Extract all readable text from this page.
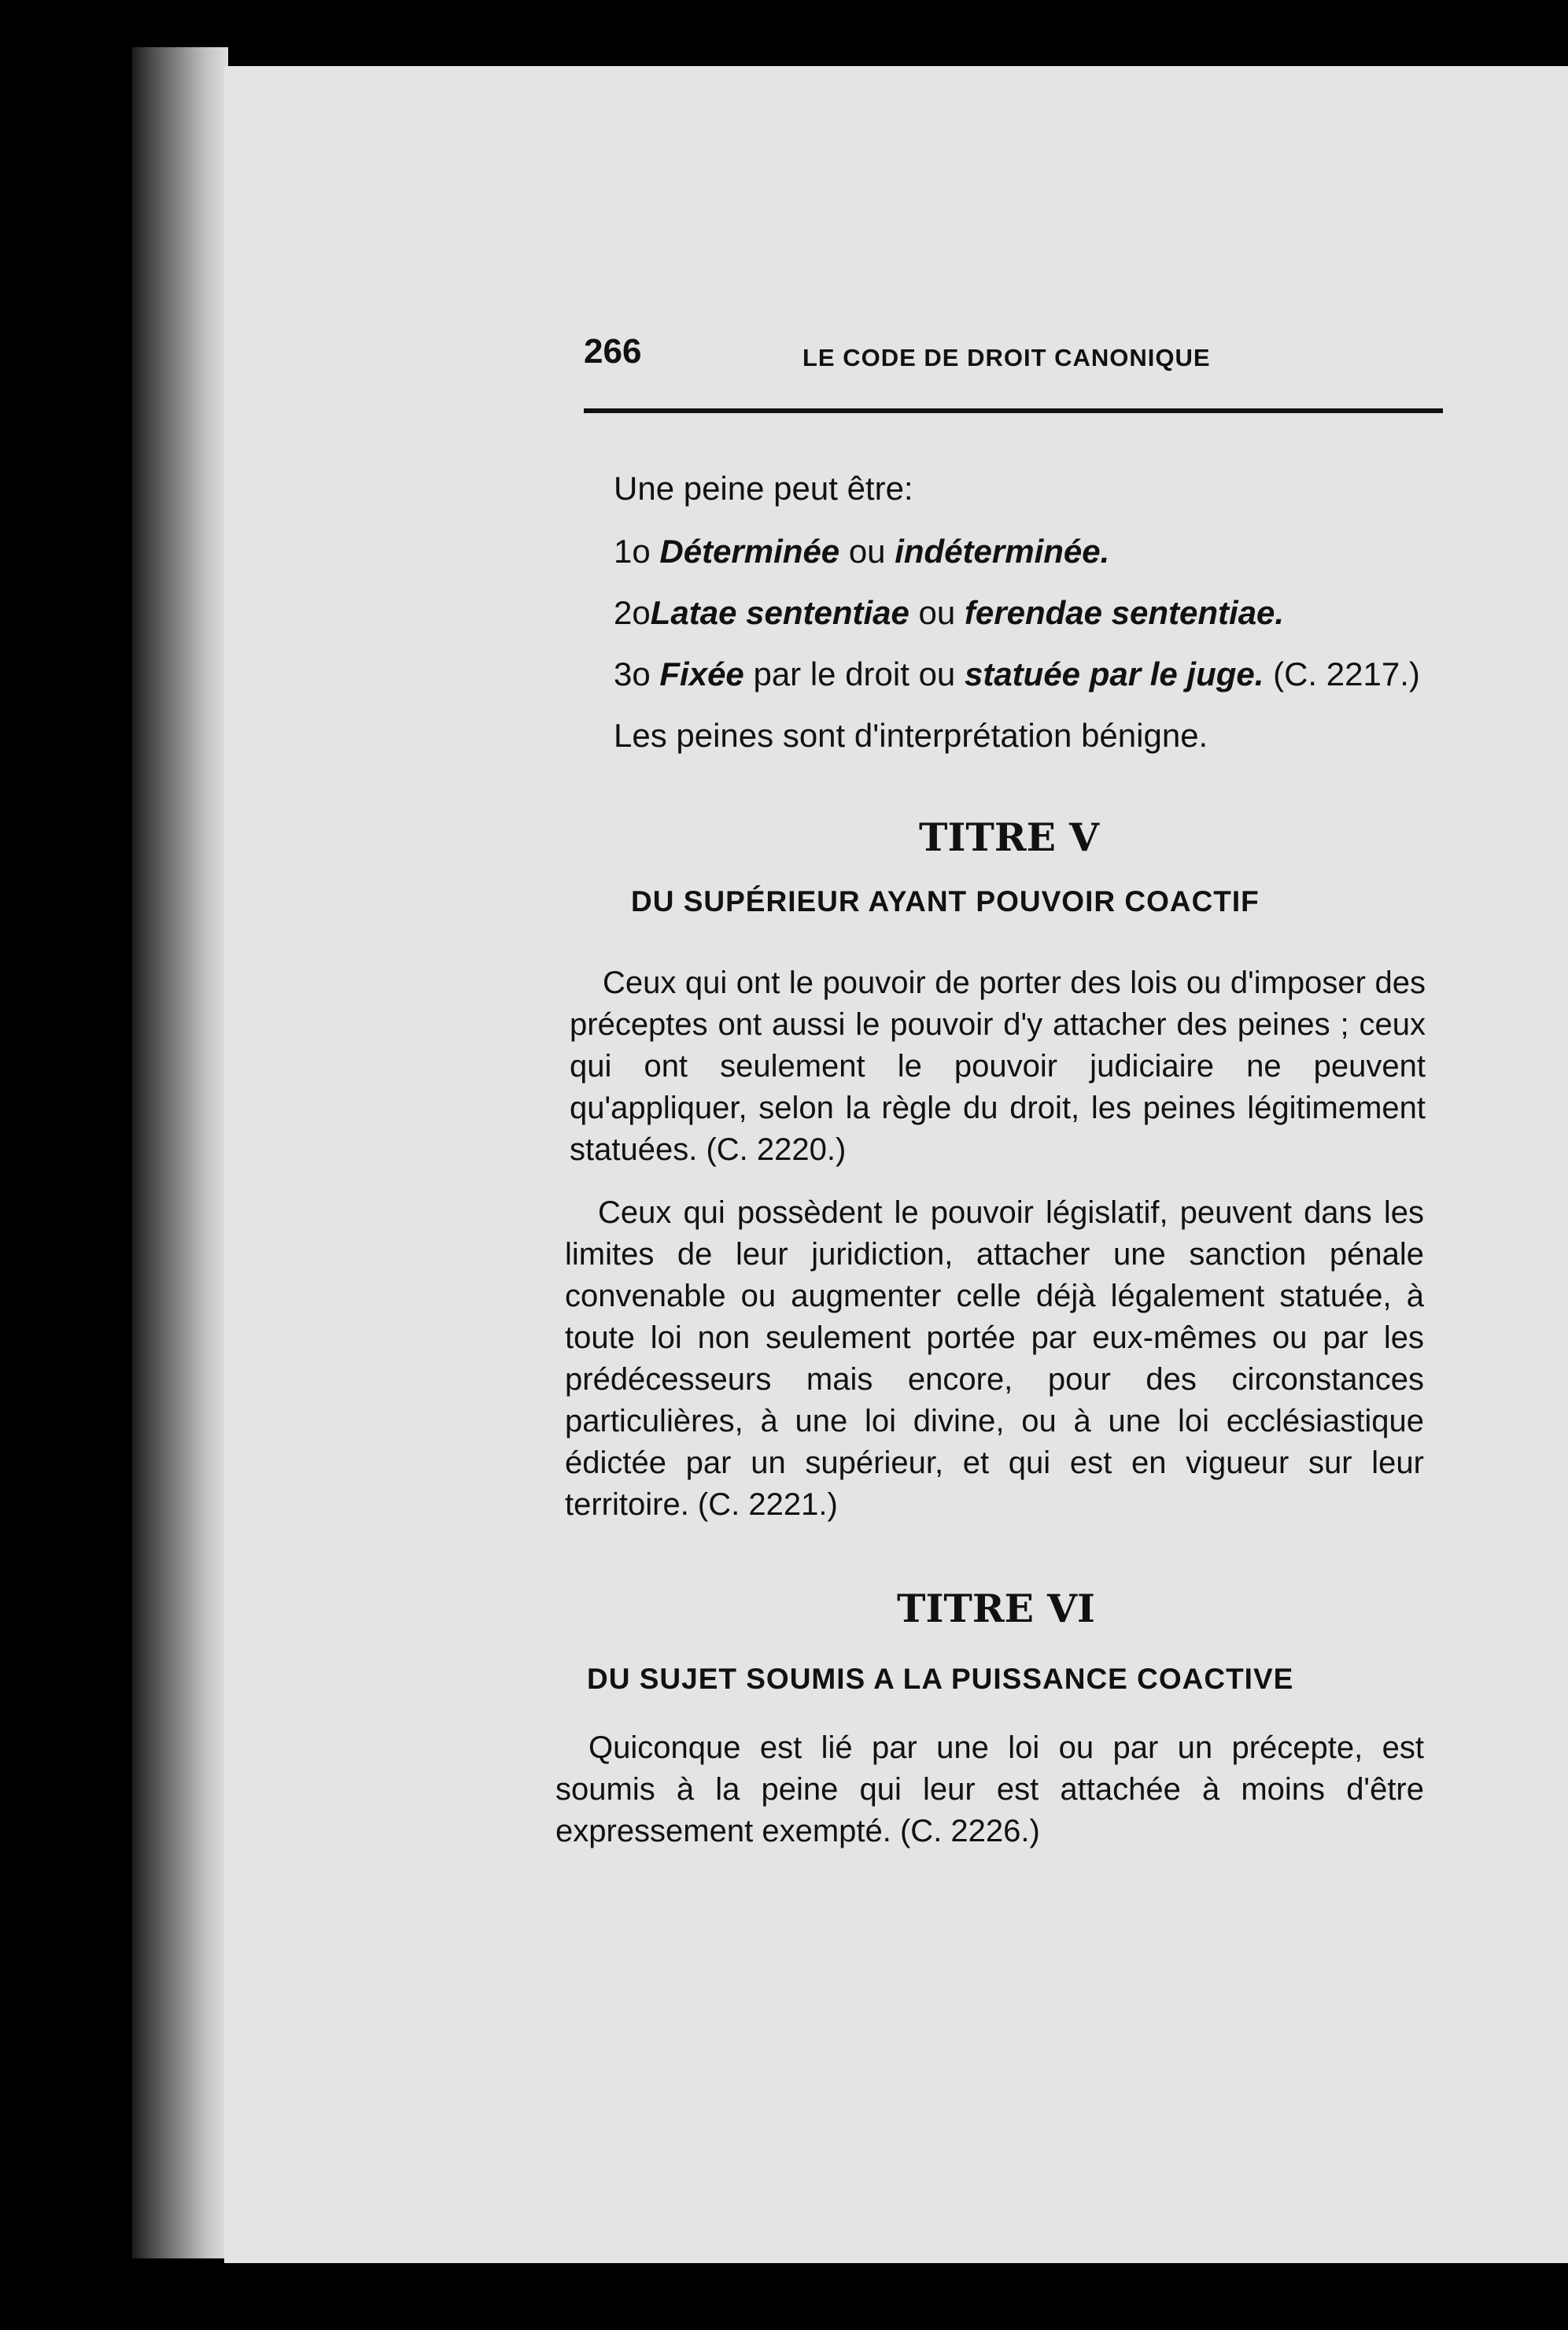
266	LE CODE DE DROIT CANONIQUE
Une peine peut être:
1o Déterminée ou indéterminée.
2oLatae sententiae ou ferendae sententiae.
3o Fixée par le droit ou statuée par le juge. (C. 2217.)
Les peines sont d'interprétation bénigne.
TITRE V
DU SUPÉRIEUR AYANT POUVOIR COACTIF
Ceux qui ont le pouvoir de porter des lois ou d'imposer des préceptes ont aussi le pouvoir d'y attacher des peines ; ceux qui ont seulement le pouvoir judiciaire ne peuvent qu'appliquer, selon la règle du droit, les peines légitimement statuées. (C. 2220.)
Ceux qui possèdent le pouvoir législatif, peuvent dans les limites de leur juridiction, attacher une sanction pénale convenable ou augmenter celle déjà légalement statuée, à toute loi non seulement portée par eux-mêmes ou par les prédécesseurs mais encore, pour des circonstances particulières, à une loi divine, ou à une loi ecclésiastique édictée par un supérieur, et qui est en vigueur sur leur territoire. (C. 2221.)
TITRE VI
DU SUJET SOUMIS A LA PUISSANCE COACTIVE
Quiconque est lié par une loi ou par un précepte, est soumis à la peine qui leur est attachée à moins d'être expressement exempté. (C. 2226.)
